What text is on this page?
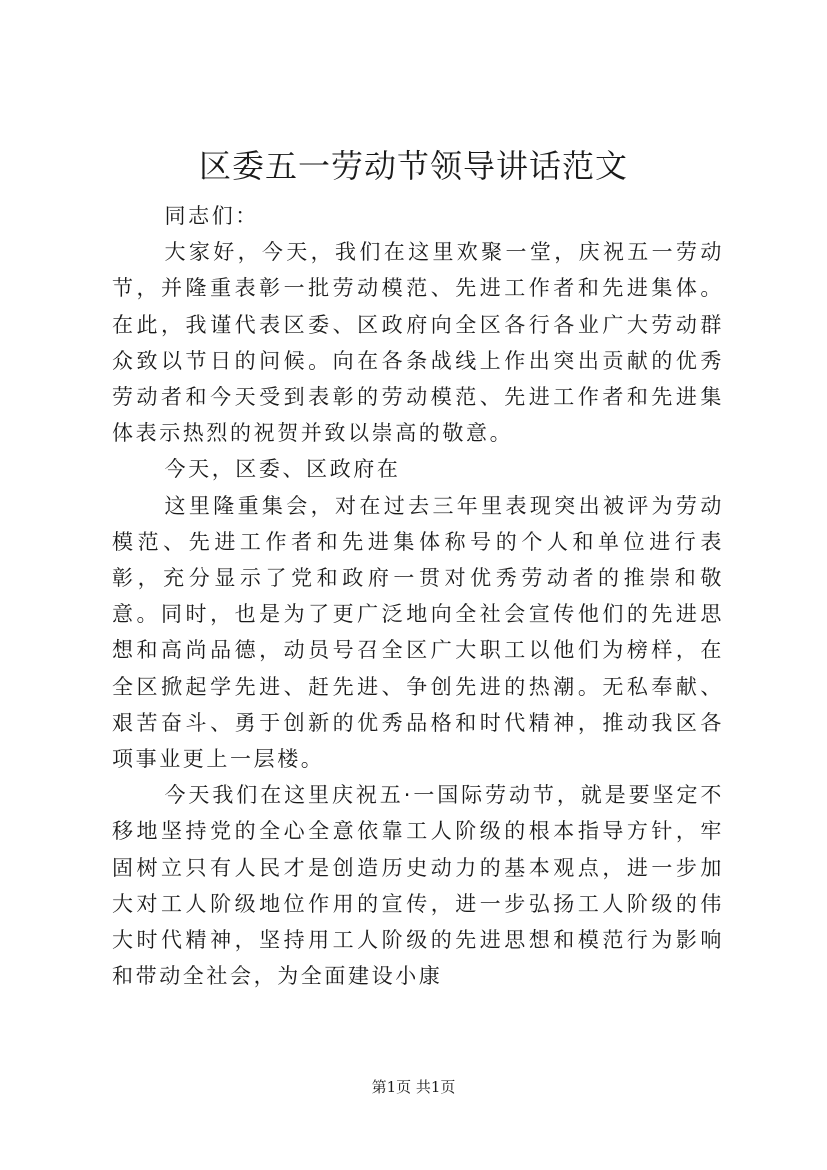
区委五一劳动节领导讲话范文

同志们：

大家好，今天，我们在这里欢聚一堂，庆祝五一劳动节，并隆重表彰一批劳动模范、先进工作者和先进集体。在此，我谨代表区委、区政府向全区各行各业广大劳动群众致以节日的问候。向在各条战线上作出突出贡献的优秀劳动者和今天受到表彰的劳动模范、先进工作者和先进集体表示热烈的祝贺并致以崇高的敬意。

今天，区委、区政府在

这里隆重集会，对在过去三年里表现突出被评为劳动模范、先进工作者和先进集体称号的个人和单位进行表彰，充分显示了党和政府一贯对优秀劳动者的推崇和敬意。同时，也是为了更广泛地向全社会宣传他们的先进思想和高尚品德，动员号召全区广大职工以他们为榜样，在全区掀起学先进、赶先进、争创先进的热潮。无私奉献、艰苦奋斗、勇于创新的优秀品格和时代精神，推动我区各项事业更上一层楼。

今天我们在这里庆祝五·一国际劳动节，就是要坚定不移地坚持党的全心全意依靠工人阶级的根本指导方针，牢固树立只有人民才是创造历史动力的基本观点，进一步加大对工人阶级地位作用的宣传，进一步弘扬工人阶级的伟大时代精神，坚持用工人阶级的先进思想和模范行为影响和带动全社会，为全面建设小康

第1页 共1页
